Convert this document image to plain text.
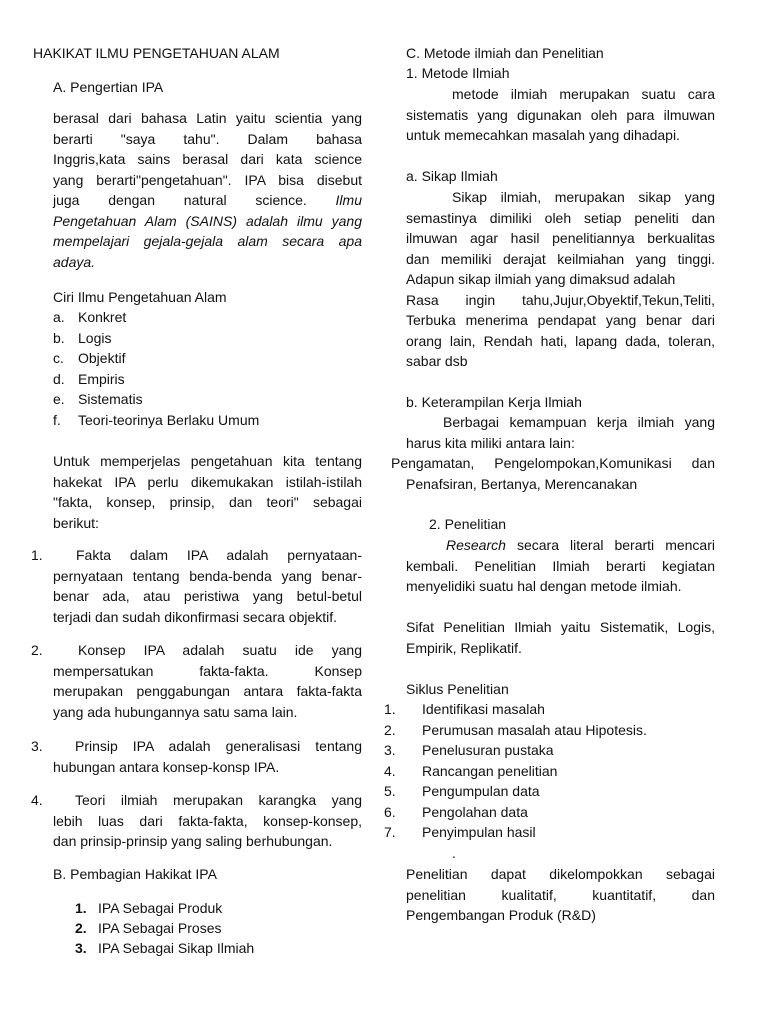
HAKIKAT ILMU PENGETAHUAN ALAM
A. Pengertian IPA
berasal dari bahasa Latin yaitu scientia yang
berarti "saya tahu". Dalam bahasa
Inggris,kata sains berasal dari kata science
yang berarti"pengetahuan". IPA bisa disebut
juga dengan natural science. Ilmu
Pengetahuan Alam (SAINS) adalah ilmu yang
mempelajari gejala-gejala alam secara apa
adaya.
Ciri Ilmu Pengetahuan Alam
a. Konkret
b. Logis
c. Objektif
d. Empiris
e. Sistematis
f. Teori-teorinya Berlaku Umum
Untuk memperjelas pengetahuan kita tentang
hakekat IPA perlu dikemukakan istilah-istilah
"fakta, konsep, prinsip, dan teori" sebagai
berikut:
1.	Fakta dalam IPA adalah pernyataan-
pernyataan tentang benda-benda yang benar-
benar ada, atau peristiwa yang betul-betul
terjadi dan sudah dikonfirmasi secara objektif.
2.	Konsep IPA adalah suatu ide yang
mempersatukan fakta-fakta. Konsep
merupakan penggabungan antara fakta-fakta
yang ada hubungannya satu sama lain.
3.	Prinsip IPA adalah generalisasi tentang
hubungan antara konsep-konsp IPA.
4.	Teori ilmiah merupakan karangka yang
lebih luas dari fakta-fakta, konsep-konsep,
dan prinsip-prinsip yang saling berhubungan.
B. Pembagian Hakikat IPA
1. IPA Sebagai Produk
2. IPA Sebagai Proses
3. IPA Sebagai Sikap Ilmiah
C. Metode ilmiah dan Penelitian
1. Metode Ilmiah
metode ilmiah merupakan suatu cara
sistematis yang digunakan oleh para ilmuwan
untuk memecahkan masalah yang dihadapi.
a. Sikap Ilmiah
Sikap ilmiah, merupakan sikap yang
semastinya dimiliki oleh setiap peneliti dan
ilmuwan agar hasil penelitiannya berkualitas
dan memiliki derajat keilmiahan yang tinggi.
Adapun sikap ilmiah yang dimaksud adalah
Rasa ingin tahu,Jujur,Obyektif,Tekun,Teliti,
Terbuka menerima pendapat yang benar dari
orang lain, Rendah hati, lapang dada, toleran,
sabar dsb
b. Keterampilan Kerja Ilmiah
Berbagai kemampuan kerja ilmiah yang
harus kita miliki antara lain:
Pengamatan, Pengelompokan,Komunikasi dan
Penafsiran, Bertanya, Merencanakan
2. Penelitian
Research secara literal berarti mencari
kembali. Penelitian Ilmiah berarti kegiatan
menyelidiki suatu hal dengan metode ilmiah.
Sifat Penelitian Ilmiah yaitu Sistematik, Logis,
Empirik, Replikatif.
Siklus Penelitian
1. Identifikasi masalah
2. Perumusan masalah atau Hipotesis.
3. Penelusuran pustaka
4. Rancangan penelitian
5. Pengumpulan data
6. Pengolahan data
7. Penyimpulan hasil
.
Penelitian dapat dikelompokkan sebagai
penelitian kualitatif, kuantitatif, dan
Pengembangan Produk (R&D)
